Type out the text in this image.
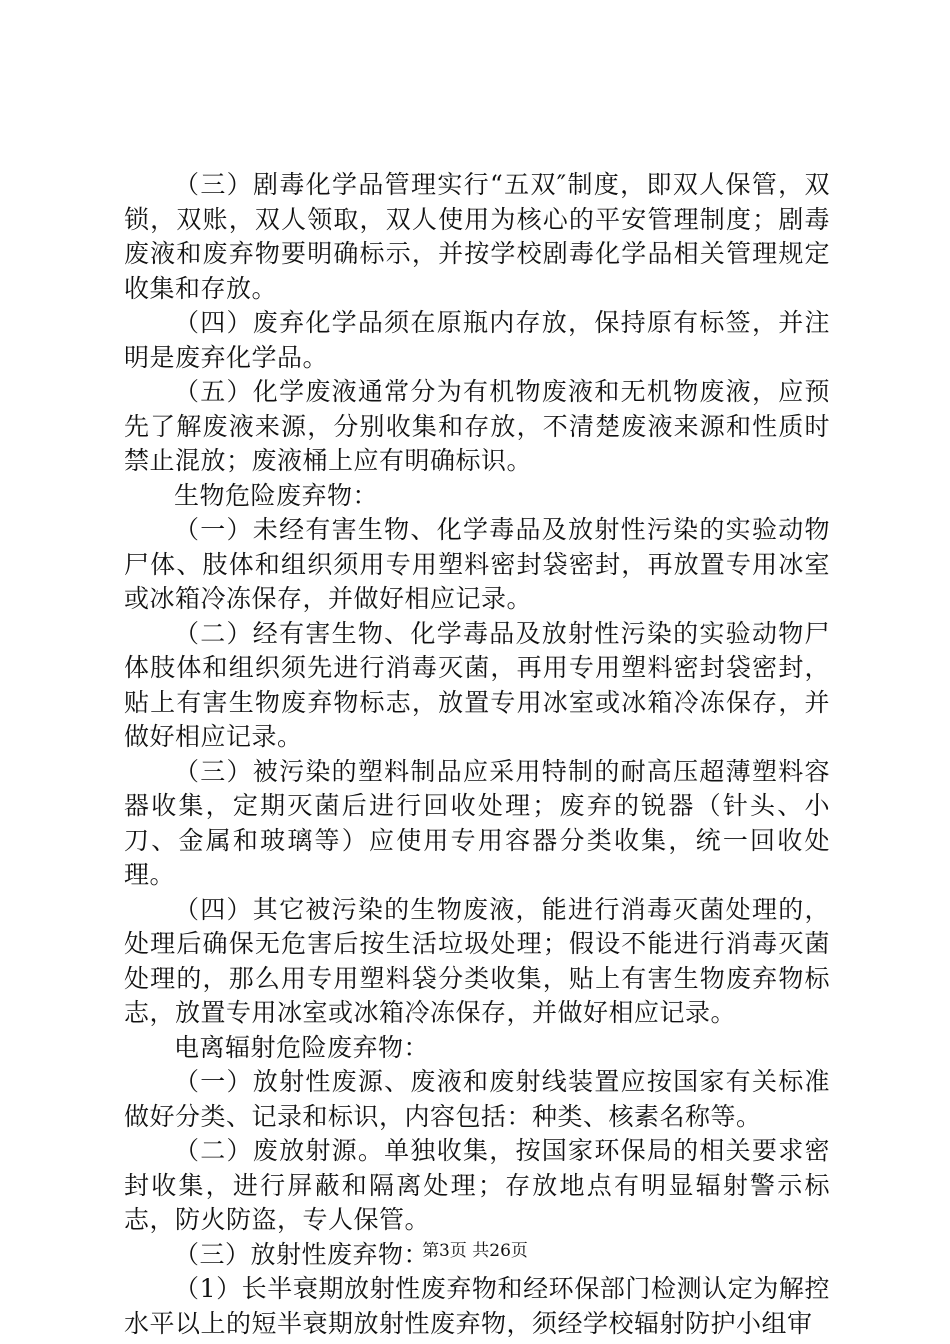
（三）剧毒化学品管理实行“五双″制度，即双人保管，双锁，双账，双人领取，双人使用为核心的平安管理制度；剧毒废液和废弃物要明确标示，并按学校剧毒化学品相关管理规定收集和存放。

（四）废弃化学品须在原瓶内存放，保持原有标签，并注明是废弃化学品。

（五）化学废液通常分为有机物废液和无机物废液，应预先了解废液来源，分别收集和存放，不清楚废液来源和性质时禁止混放；废液桶上应有明确标识。

生物危险废弃物：

（一）未经有害生物、化学毒品及放射性污染的实验动物尸体、肢体和组织须用专用塑料密封袋密封，再放置专用冰室或冰箱冷冻保存，并做好相应记录。

（二）经有害生物、化学毒品及放射性污染的实验动物尸体肢体和组织须先进行消毒灭菌，再用专用塑料密封袋密封，贴上有害生物废弃物标志，放置专用冰室或冰箱冷冻保存，并做好相应记录。

（三）被污染的塑料制品应采用特制的耐高压超薄塑料容器收集，定期灭菌后进行回收处理；废弃的锐器（针头、小刀、金属和玻璃等）应使用专用容器分类收集，统一回收处理。

（四）其它被污染的生物废液，能进行消毒灭菌处理的，处理后确保无危害后按生活垃圾处理；假设不能进行消毒灭菌处理的，那么用专用塑料袋分类收集，贴上有害生物废弃物标志，放置专用冰室或冰箱冷冻保存，并做好相应记录。

电离辐射危险废弃物：

（一）放射性废源、废液和废射线装置应按国家有关标准做好分类、记录和标识，内容包括：种类、核素名称等。

（二）废放射源。单独收集，按国家环保局的相关要求密封收集，进行屏蔽和隔离处理；存放地点有明显辐射警示标志，防火防盗，专人保管。

（三）放射性废弃物：

（1）长半衰期放射性废弃物和经环保部门检测认定为解控水平以上的短半衰期放射性废弃物，须经学校辐射防护小组审

第3页 共26页
